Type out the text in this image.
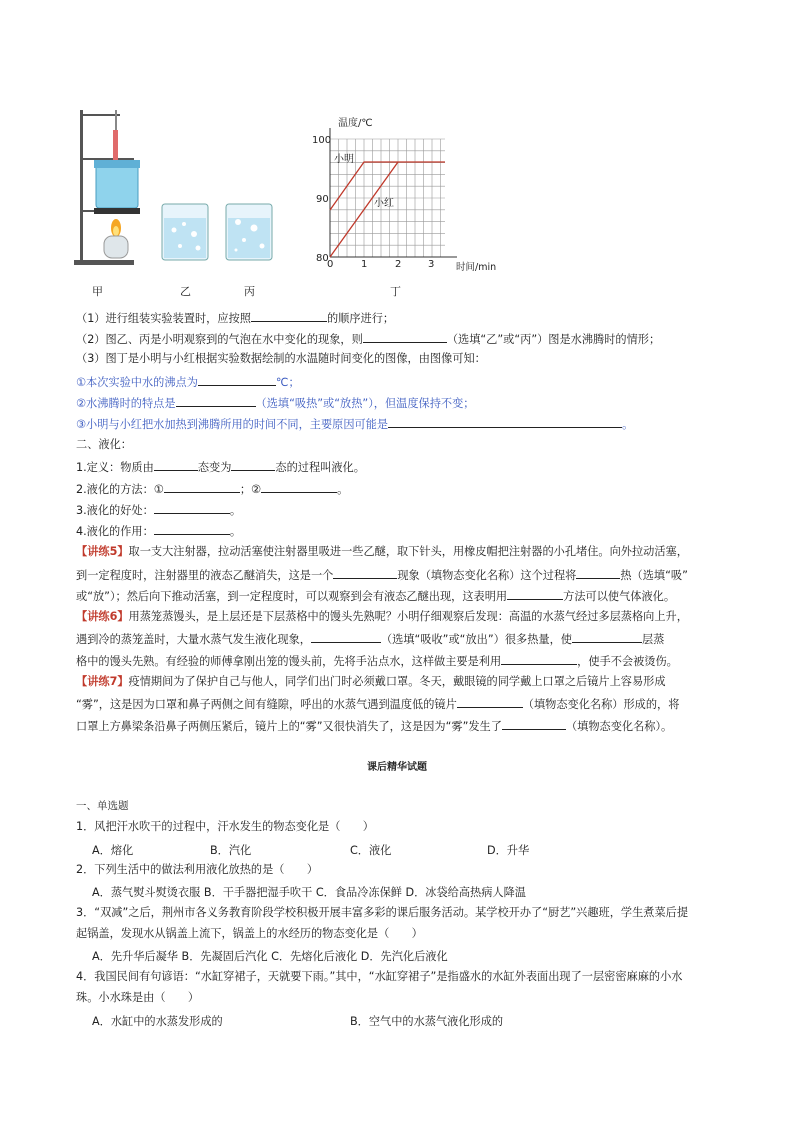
甲	乙	丙	丁
温度/℃
时间/min
100
90
80
0	1	2	3
小明
小红
（1）进行组装实验装置时，应按照	的顺序进行；
（2）图乙、丙是小明观察到的气泡在水中变化的现象，则	（选填“乙”或“丙”）图是水沸腾时的情形；
（3）图丁是小明与小红根据实验数据绘制的水温随时间变化的图像，由图像可知：
①本次实验中水的沸点为	℃；
②水沸腾时的特点是	（选填“吸热”或“放热”），但温度保持不变；
③小明与小红把水加热到沸腾所用的时间不同，主要原因可能是	。
二、液化：
1.定义：物质由	态变为	态的过程叫液化。
2.液化的方法：①	；②	。
3.液化的好处：	。
4.液化的作用：	。
【讲练5】取一支大注射器，拉动活塞使注射器里吸进一些乙醚，取下针头，用橡皮帽把注射器的小孔堵住。向外拉动活塞，
到一定程度时，注射器里的液态乙醚消失，这是一个	现象（填物态变化名称）这个过程将	热（选填“吸”
或“放”）；然后向下推动活塞，到一定程度时，可以观察到会有液态乙醚出现，这表明用	方法可以使气体液化。
【讲练6】用蒸笼蒸馒头，是上层还是下层蒸格中的馒头先熟呢？小明仔细观察后发现：高温的水蒸气经过多层蒸格向上升，
遇到冷的蒸笼盖时，大量水蒸气发生液化现象，	（选填“吸收”或“放出”）很多热量，使	层蒸
格中的馒头先熟。有经验的师傅拿刚出笼的馒头前，先将手沾点水，这样做主要是利用	，使手不会被烫伤。
【讲练7】疫情期间为了保护自己与他人，同学们出门时必须戴口罩。冬天，戴眼镜的同学戴上口罩之后镜片上容易形成
“雾”，这是因为口罩和鼻子两侧之间有缝隙，呼出的水蒸气遇到温度低的镜片	（填物态变化名称）形成的，将
口罩上方鼻梁条沿鼻子两侧压紧后，镜片上的“雾”又很快消失了，这是因为“雾”发生了	（填物态变化名称）。
课后精华试题
一、单选题
1．风把汗水吹干的过程中，汗水发生的物态变化是（　　）
A．熔化	B．汽化	C．液化	D．升华
2．下列生活中的做法利用液化放热的是（　　）
A．蒸气熨斗熨烫衣服 B．干手器把湿手吹干 C．食品冷冻保鲜 D．冰袋给高热病人降温
3．“双减”之后，荆州市各义务教育阶段学校积极开展丰富多彩的课后服务活动。某学校开办了“厨艺”兴趣班，学生煮菜后提
起锅盖，发现水从锅盖上流下，锅盖上的水经历的物态变化是（　　）
A．先升华后凝华 B．先凝固后汽化 C．先熔化后液化 D．先汽化后液化
4．我国民间有句谚语：“水缸穿裙子，天就要下雨。”其中，“水缸穿裙子”是指盛水的水缸外表面出现了一层密密麻麻的小水
珠。小水珠是由（　　）
A．水缸中的水蒸发形成的	B．空气中的水蒸气液化形成的
